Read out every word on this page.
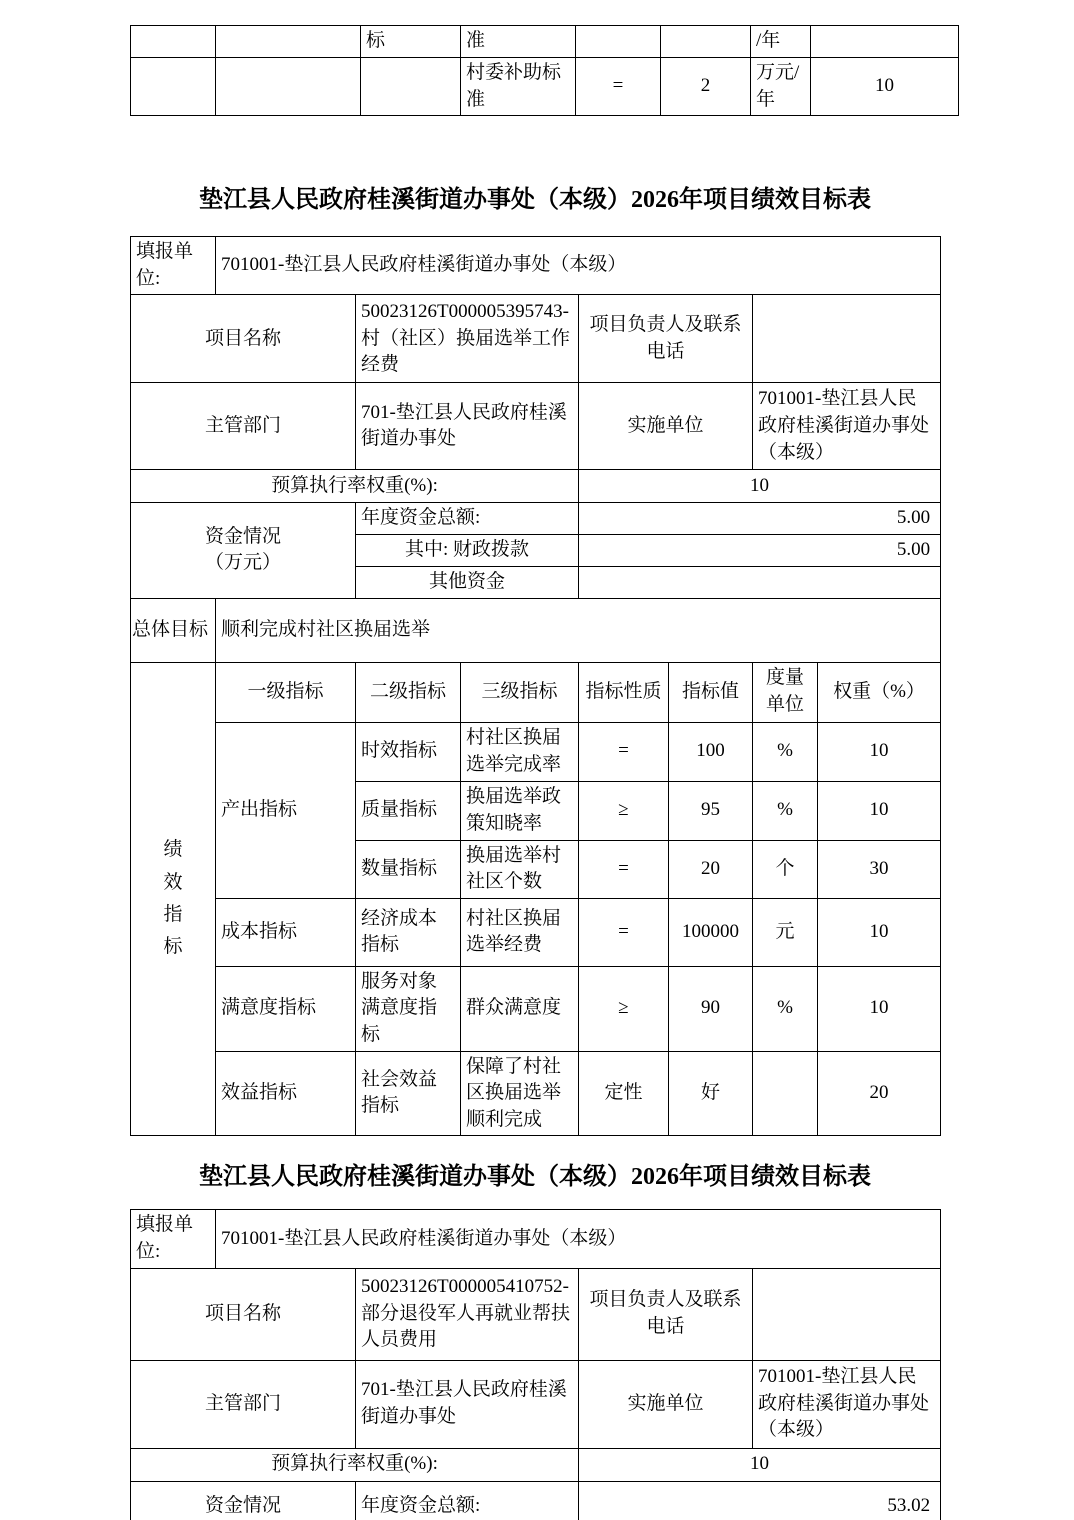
		标	准			/年	
			村委补助标准	=	2	万元/年	10
垫江县人民政府桂溪街道办事处（本级）2026年项目绩效目标表
填报单位:	701001-垫江县人民政府桂溪街道办事处（本级）						
项目名称		50023126T000005395743-村（社区）换届选举工作经费		项目负责人及联系电话			
主管部门		701-垫江县人民政府桂溪街道办事处		实施单位		701001-垫江县人民政府桂溪街道办事处（本级）	
预算执行率权重(%):				10			
资金情况（万元）		年度资金总额:		5.00			
		其中: 财政拨款		5.00			
		其他资金					
总体目标	顺利完成村社区换届选举						
绩效指标	一级指标	二级指标	三级指标	指标性质	指标值	度量单位	权重（%）
	产出指标	时效指标	村社区换届选举完成率	=	100	%	10
		质量指标	换届选举政策知晓率	≥	95	%	10
		数量指标	换届选举村社区个数	=	20	个	30
	成本指标	经济成本指标	村社区换届选举经费	=	100000	元	10
	满意度指标	服务对象满意度指标	群众满意度	≥	90	%	10
	效益指标	社会效益指标	保障了村社区换届选举顺利完成	定性	好		20
垫江县人民政府桂溪街道办事处（本级）2026年项目绩效目标表
填报单位:	701001-垫江县人民政府桂溪街道办事处（本级）			
项目名称		50023126T000005410752-部分退役军人再就业帮扶人员费用	项目负责人及联系电话	
主管部门		701-垫江县人民政府桂溪街道办事处	实施单位	701001-垫江县人民政府桂溪街道办事处（本级）
预算执行率权重(%):			10	
资金情况		年度资金总额:	53.02	
